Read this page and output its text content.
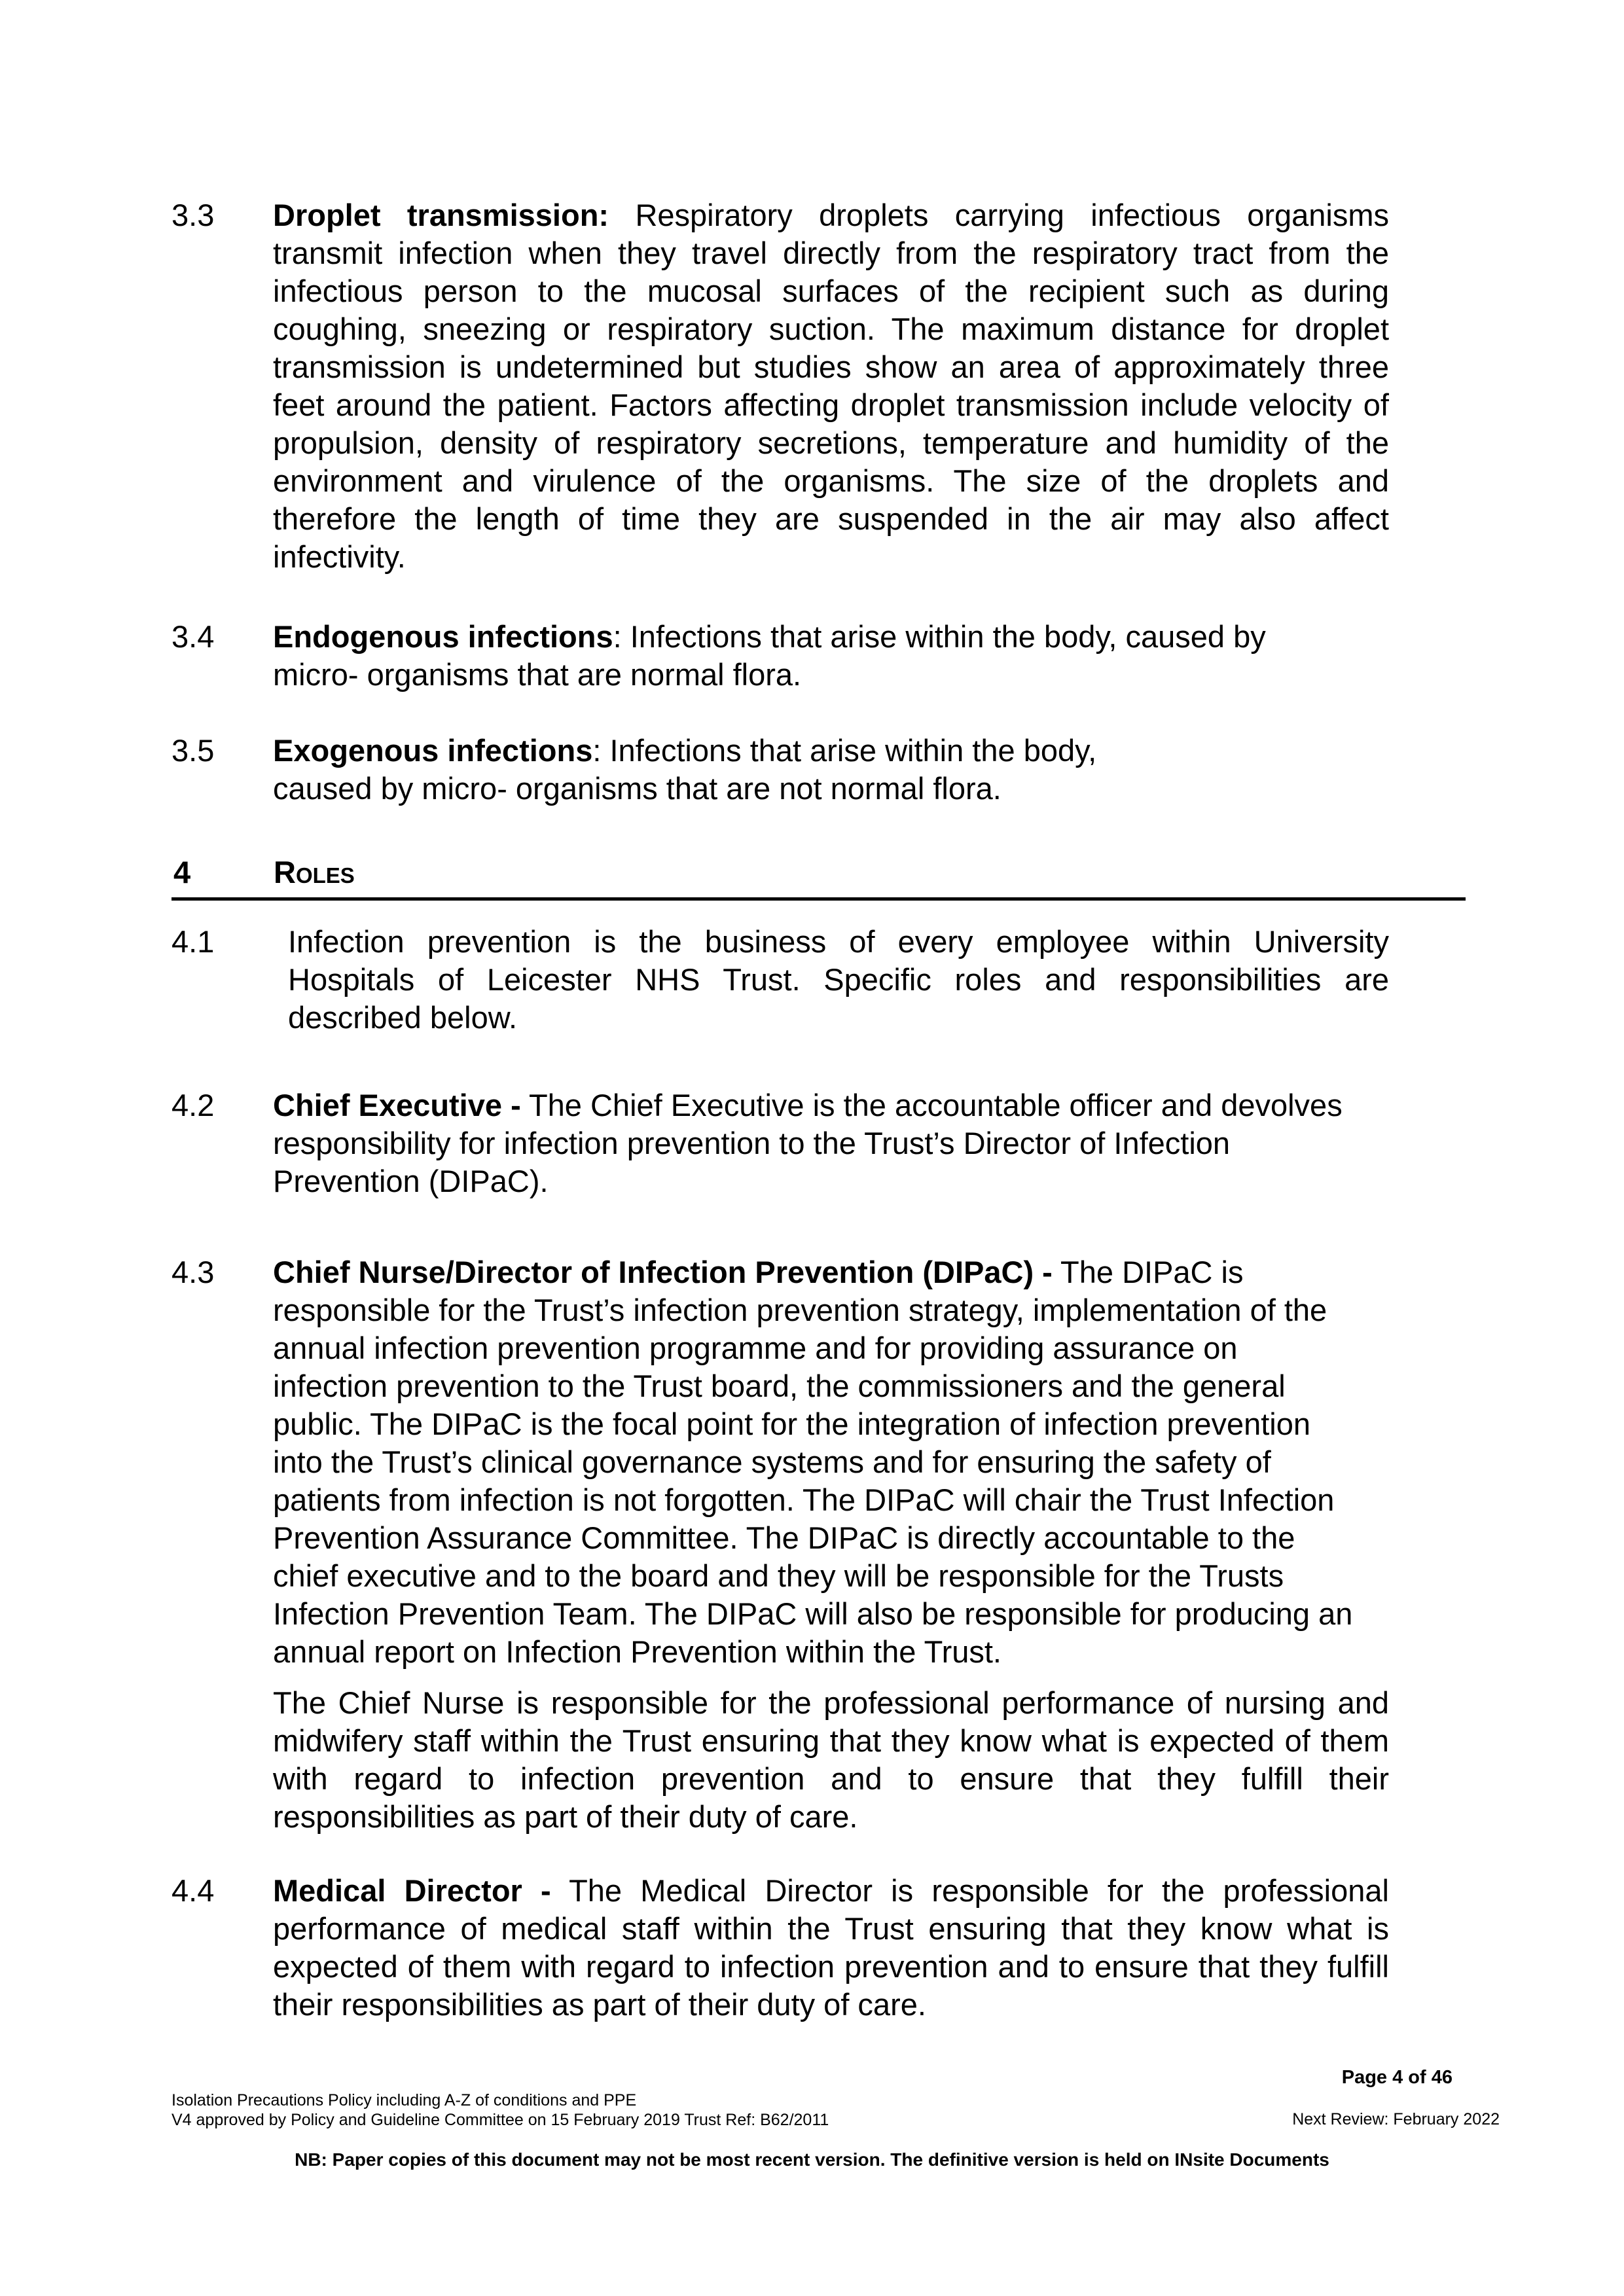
3.3 Droplet transmission: Respiratory droplets carrying infectious organisms transmit infection when they travel directly from the respiratory tract from the infectious person to the mucosal surfaces of the recipient such as during coughing, sneezing or respiratory suction. The maximum distance for droplet transmission is undetermined but studies show an area of approximately three feet around the patient. Factors affecting droplet transmission include velocity of propulsion, density of respiratory secretions, temperature and humidity of the environment and virulence of the organisms. The size of the droplets and therefore the length of time they are suspended in the air may also affect infectivity.

3.4 Endogenous infections: Infections that arise within the body, caused by
micro- organisms that are normal flora.
3.5 Exogenous infections: Infections that arise within the body,
caused by micro- organisms that are not normal flora.
4	Roles
4.1 Infection prevention is the business of every employee within University Hospitals of Leicester NHS Trust. Specific roles and responsibilities are described below.

4.2 Chief Executive - The Chief Executive is the accountable officer and devolves
responsibility for infection prevention to the Trust’s Director of Infection
Prevention (DIPaC).
4.3 Chief Nurse/Director of Infection Prevention (DIPaC) - The DIPaC is
responsible for the Trust’s infection prevention strategy, implementation of the
annual infection prevention programme and for providing assurance on
infection prevention to the Trust board, the commissioners and the general
public. The DIPaC is the focal point for the integration of infection prevention
into the Trust’s clinical governance systems and for ensuring the safety of
patients from infection is not forgotten. The DIPaC will chair the Trust Infection
Prevention Assurance Committee. The DIPaC is directly accountable to the
chief executive and to the board and they will be responsible for the Trusts
Infection Prevention Team. The DIPaC will also be responsible for producing an
annual report on Infection Prevention within the Trust.

The Chief Nurse is responsible for the professional performance of nursing and midwifery staff within the Trust ensuring that they know what is expected of them with regard to infection prevention and to ensure that they fulfill their responsibilities as part of their duty of care.

4.4 Medical Director - The Medical Director is responsible for the professional performance of medical staff within the Trust ensuring that they know what is expected of them with regard to infection prevention and to ensure that they fulfill their responsibilities as part of their duty of care.

Page 4 of 46
Isolation Precautions Policy including A-Z of conditions and PPE
V4 approved by Policy and Guideline Committee on 15 February 2019 Trust Ref: B62/2011	Next Review: February 2022
NB: Paper copies of this document may not be most recent version. The definitive version is held on INsite Documents
